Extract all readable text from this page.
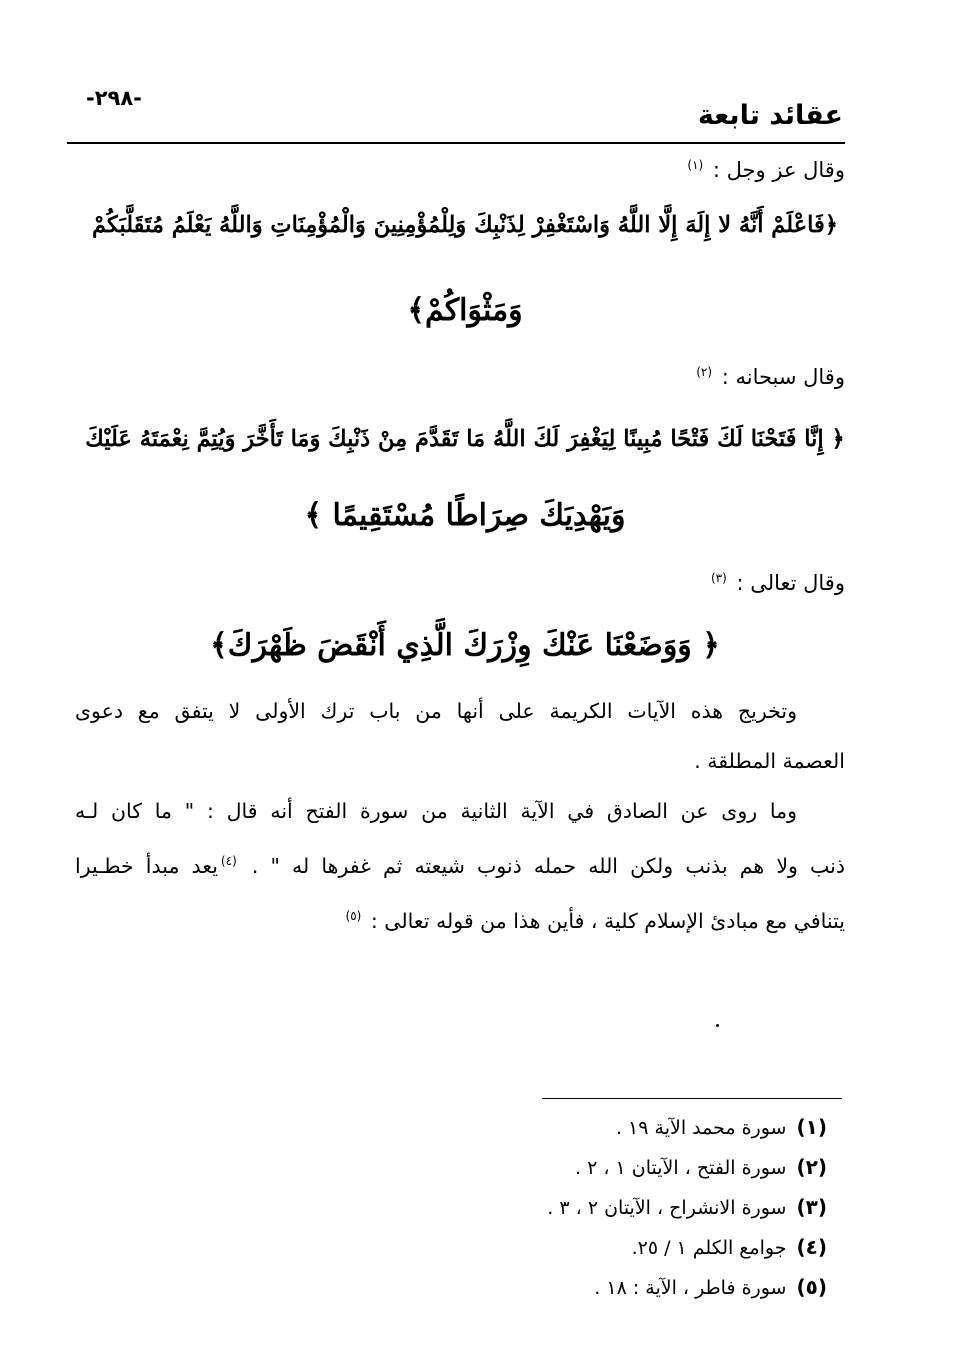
-٢٩٨-
عقائد تابعة
وقال عز وجل : $^{(١)}$
﴿فَاعْلَمْ أَنَّهُ لا إِلَهَ إِلَّا اللَّهُ وَاسْتَغْفِرْ لِذَنْبِكَ وَلِلْمُؤْمِنِينَ وَالْمُؤْمِنَاتِ وَاللَّهُ يَعْلَمُ مُتَقَلَّبَكُمْ
وَمَثْوَاكُمْ﴾
وقال سبحانه : $^{(٢)}$
﴿ إِنَّا فَتَحْنَا لَكَ فَتْحًا مُبِينًا لِيَغْفِرَ لَكَ اللَّهُ مَا تَقَدَّمَ مِنْ ذَنْبِكَ وَمَا تَأَخَّرَ وَيُتِمَّ نِعْمَتَهُ عَلَيْكَ
وَيَهْدِيَكَ صِرَاطًا مُسْتَقِيمًا ﴾
وقال تعالى : $^{(٣)}$
﴿ وَوَضَعْنَا عَنْكَ وِزْرَكَ الَّذِي أَنْقَضَ ظَهْرَكَ﴾
وتخريج هذه الآيات الكريمة على أنها من باب ترك الأولى لا يتفق مع دعوى
العصمة المطلقة .
وما روى عن الصادق في الآية الثانية من سورة الفتح أنه قال : " ما كان لـه
ذنب ولا هم بذنب ولكن الله حمله ذنوب شيعته ثم غفرها له " . $^{(٤)}$يعد مبدأ خطـيرا
يتنافي مع مبادئ الإسلام كلية ، فأين هذا من قوله تعالى : $^{(٥)}$
(١) سورة محمد الآية ١٩ .
(٢) سورة الفتح ، الآيتان ١ ، ٢ .
(٣) سورة الانشراح ، الآيتان ٢ ، ٣ .
(٤) جوامع الكلم ١ / ٢٥.
(٥) سورة فاطر ، الآية : ١٨ .
